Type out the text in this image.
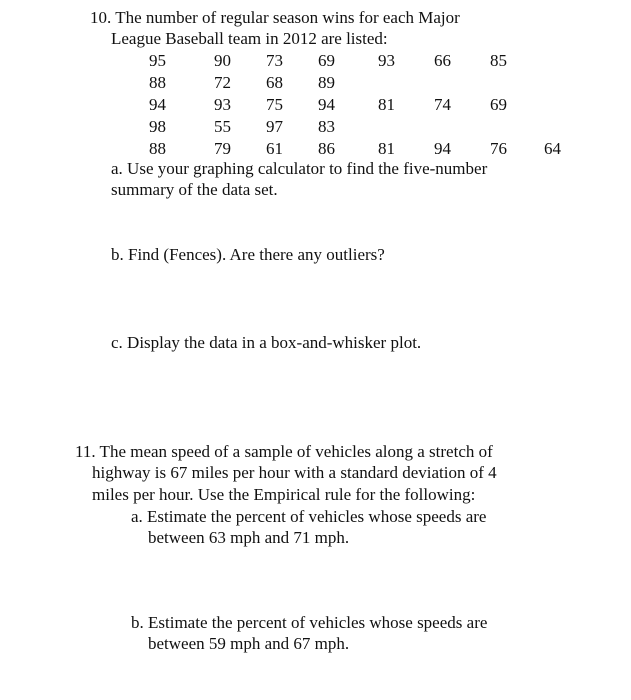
10. The number of regular season wins for each Major
League Baseball team in 2012 are listed:
95	90	73	69	93	66	85
88	72	68	89
94	93	75	94	81	74	69
98	55	97	83
88	79	61	86	81	94	76	64
a. Use your graphing calculator to find the five-number
summary of the data set.
b. Find (Fences). Are there any outliers?
c. Display the data in a box-and-whisker plot.
11. The mean speed of a sample of vehicles along a stretch of
highway is 67 miles per hour with a standard deviation of 4
miles per hour. Use the Empirical rule for the following:
a. Estimate the percent of vehicles whose speeds are
between 63 mph and 71 mph.
b. Estimate the percent of vehicles whose speeds are
between 59 mph and 67 mph.
